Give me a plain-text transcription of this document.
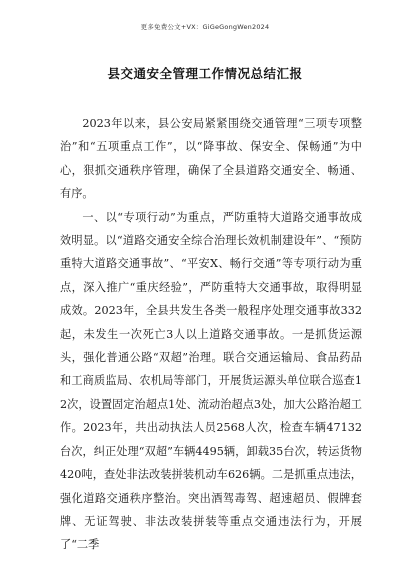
更多免费公文+VX：GiGeGongWen2024
县交通安全管理工作情况总结汇报

2023年以来，县公安局紧紧围绕交通管理“三项专项整治”和“五项重点工作”，以“降事故、保安全、保畅通”为中心，狠抓交通秩序管理，确保了全县道路交通安全、畅通、有序。

一、以“专项行动”为重点，严防重特大道路交通事故成效明显。以“道路交通安全综合治理长效机制建设年”、“预防重特大道路交通事故”、“平安X、畅行交通”等专项行动为重点，深入推广“重庆经验”，严防重特大交通事故，取得明显成效。2023年，全县共发生各类一般程序处理交通事故332起，未发生一次死亡3人以上道路交通事故。一是抓货运源头，强化普通公路“双超”治理。联合交通运输局、食品药品和工商质监局、农机局等部门，开展货运源头单位联合巡查12次，设置固定治超点1处、流动治超点3处，加大公路治超工作。2023年，共出动执法人员2568人次，检查车辆47132台次，纠正处理“双超”车辆4495辆，卸载35台次，转运货物420吨，查处非法改装拼装机动车626辆。二是抓重点违法，强化道路交通秩序整治。突出酒驾毒驾、超速超员、假牌套牌、无证驾驶、非法改装拼装等重点交通违法行为，开展了“二季
